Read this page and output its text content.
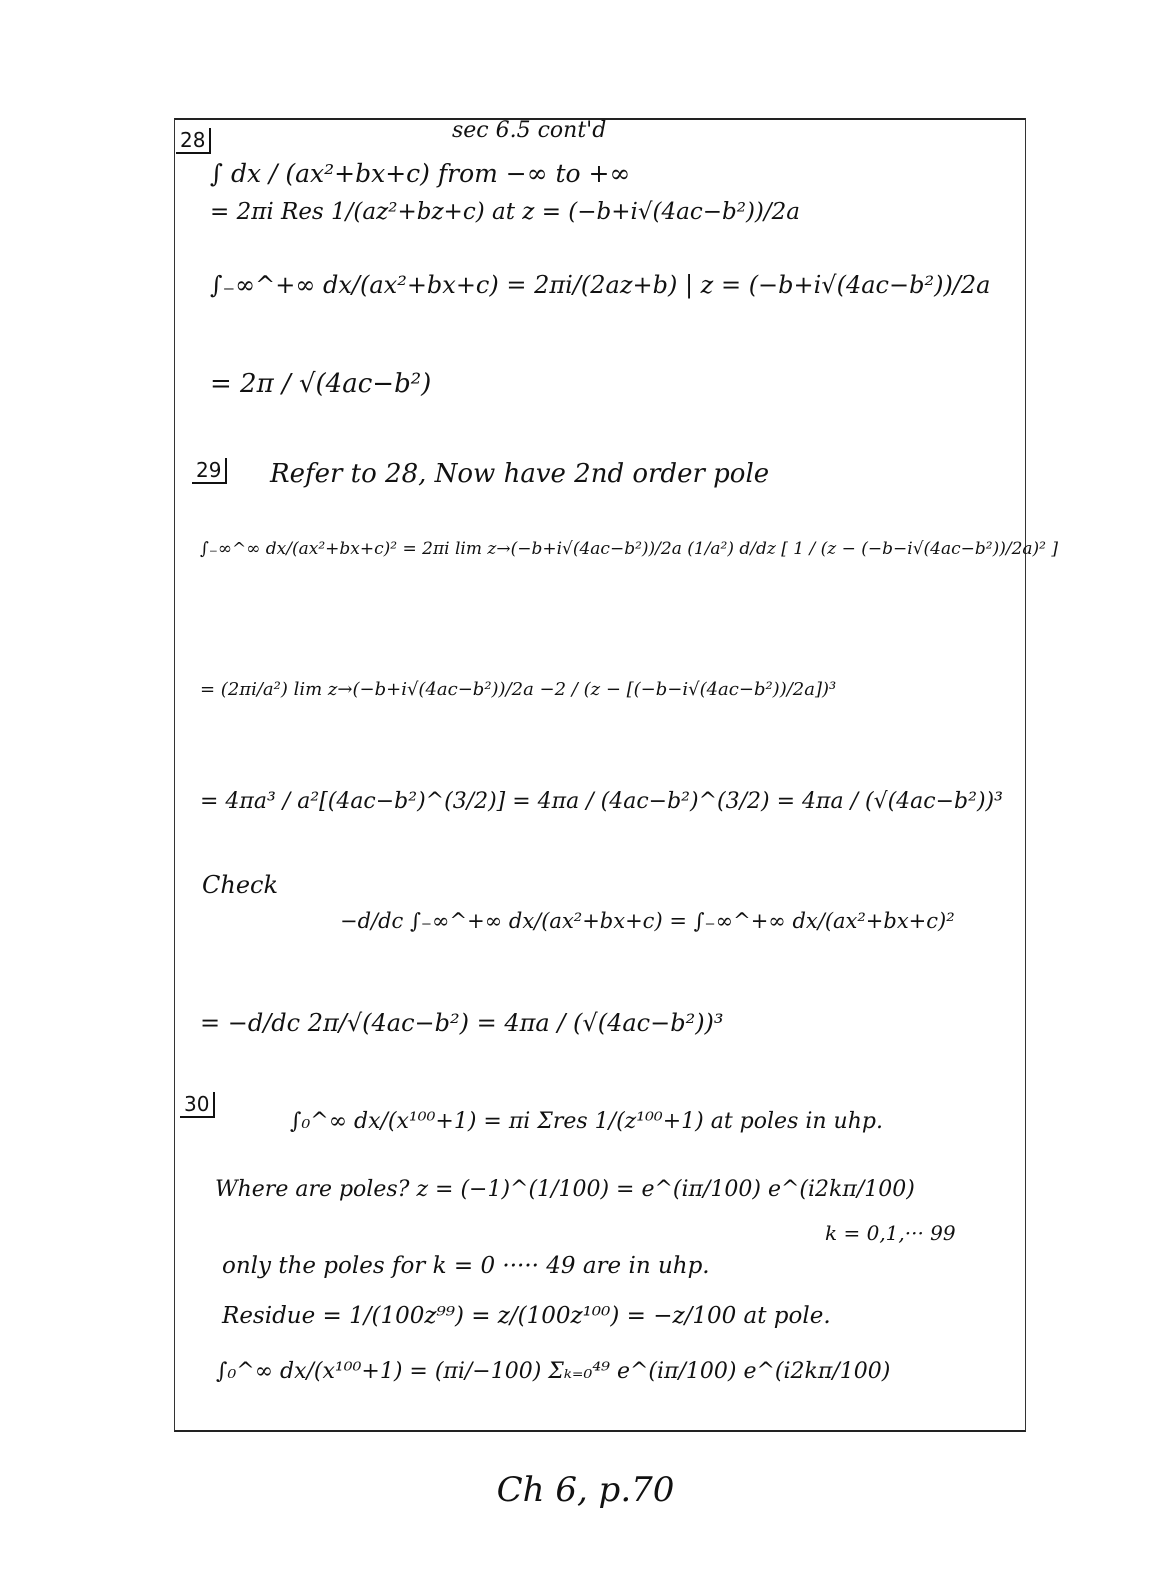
sec 6.5 cont'd
28
∫ dx / (ax²+bx+c) from −∞ to +∞
= 2πi Res 1/(az²+bz+c) at z = (−b+i√(4ac−b²))/2a
∫₋∞^+∞ dx/(ax²+bx+c) = 2πi/(2az+b) | z = (−b+i√(4ac−b²))/2a
= 2π / √(4ac−b²)
29 Refer to 28, Now have 2nd order pole
∫₋∞^∞ dx/(ax²+bx+c)² = 2πi lim z→(−b+i√(4ac−b²))/2a (1/a²) d/dz [ 1 / (z − (−b−i√(4ac−b²))/2a)² ]
= (2πi/a²) lim z→(−b+i√(4ac−b²))/2a −2 / (z − [(−b−i√(4ac−b²))/2a])³
= 4πa³ / a²[(4ac−b²)^(3/2)] = 4πa / (4ac−b²)^(3/2) = 4πa / (√(4ac−b²))³
Check
−d/dc ∫₋∞^+∞ dx/(ax²+bx+c) = ∫₋∞^+∞ dx/(ax²+bx+c)²
= −d/dc 2π/√(4ac−b²) = 4πa / (√(4ac−b²))³
30
∫₀^∞ dx/(x¹⁰⁰+1) = πi Σres 1/(z¹⁰⁰+1) at poles in uhp.
Where are poles? z = (−1)^(1/100) = e^(iπ/100) e^(i2kπ/100)
k = 0,1,··· 99
only the poles for k = 0 ····· 49 are in uhp.
Residue = 1/(100z⁹⁹) = z/(100z¹⁰⁰) = −z/100 at pole.
∫₀^∞ dx/(x¹⁰⁰+1) = (πi/−100) Σₖ₌₀⁴⁹ e^(iπ/100) e^(i2kπ/100)
Ch 6, p.70
